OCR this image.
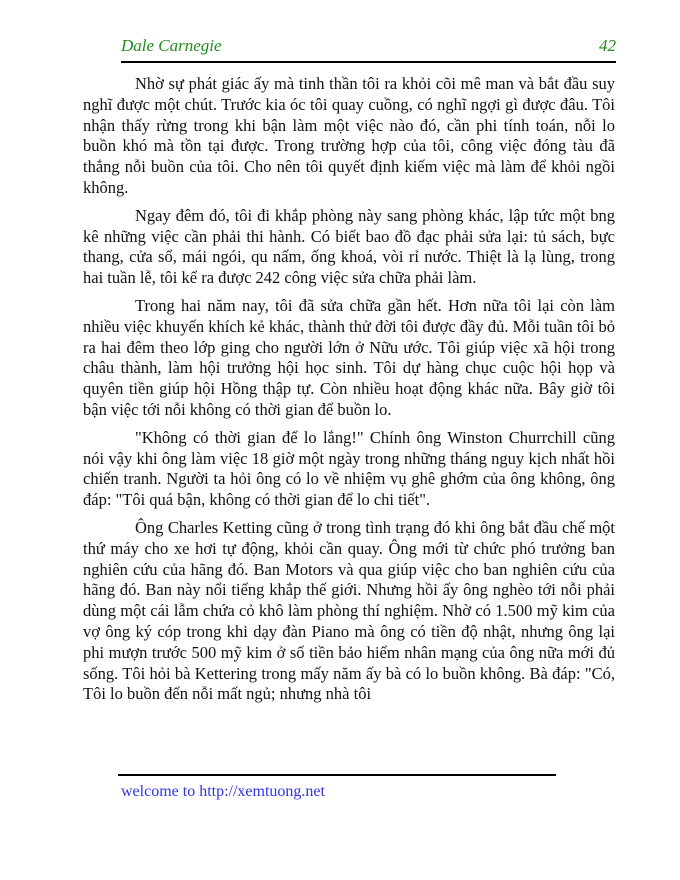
Dale Carnegie	42

Nhờ sự phát giác ấy mà tinh thần tôi ra khỏi cõi mê man và bắt đầu suy nghĩ được một chút. Trước kia óc tôi quay cuồng, có nghĩ ngợi gì được đâu. Tôi nhận thấy rừng trong khi bận làm một việc nào đó, cần phi tính toán, nỗi lo buồn khó mà tồn tại được. Trong trường hợp của tôi, công việc đóng tàu đã thắng nỗi buồn của tôi. Cho nên tôi quyết định kiếm việc mà làm để khỏi ngồi không.

Ngay đêm đó, tôi đi khắp phòng này sang phòng khác, lập tức một bng kê những việc cần phải thi hành. Có biết bao đồ đạc phải sửa lại: tủ sách, bực thang, cửa sổ, mái ngói, qu nấm, ống khoá, vòi rỉ nước. Thiệt là lạ lùng, trong hai tuần lễ, tôi kể ra được 242 công việc sửa chữa phải làm.

Trong hai năm nay, tôi đã sửa chữa gần hết. Hơn nữa tôi lại còn làm nhiều việc khuyến khích kẻ khác, thành thử đời tôi được đầy đủ. Mỗi tuần tôi bỏ ra hai đêm theo lớp ging cho người lớn ở Nữu ước. Tôi giúp việc xã hội trong châu thành, làm hội trưởng hội học sinh. Tôi dự hàng chục cuộc hội họp và quyên tiền giúp hội Hồng thập tự. Còn nhiều hoạt động khác nữa. Bây giờ tôi bận việc tới nỗi không có thời gian để buồn lo.

"Không có thời gian để lo lắng!" Chính ông Winston Churrchill cũng nói vậy khi ông làm việc 18 giờ một ngày trong những tháng nguy kịch nhất hồi chiến tranh. Người ta hỏi ông có lo về nhiệm vụ ghê ghớm của ông không, ông đáp: "Tôi quá bận, không có thời gian để lo chi tiết".

Ông Charles Ketting cũng ở trong tình trạng đó khi ông bắt đầu chế một thứ máy cho xe hơi tự động, khỏi cần quay. Ông mới từ chức phó trưởng ban nghiên cứu của hãng đó. Ban Motors và qua giúp việc cho ban nghiên cứu của hãng đó. Ban này nổi tiếng khắp thế giới. Nhưng hồi ấy ông nghèo tới nỗi phải dùng một cái lẫm chứa cỏ khô làm phòng thí nghiệm. Nhờ có 1.500 mỹ kim của vợ ông ký cóp trong khi dạy đàn Piano mà ông có tiền độ nhật, nhưng ông lại phi mượn trước 500 mỹ kim ở số tiền bảo hiểm nhân mạng của ông nữa mới đủ sống. Tôi hỏi bà Kettering trong mấy năm ấy bà có lo buồn không. Bà đáp: "Có, Tôi lo buồn đến nỗi mất ngủ; nhưng nhà tôi

welcome to http://xemtuong.net
